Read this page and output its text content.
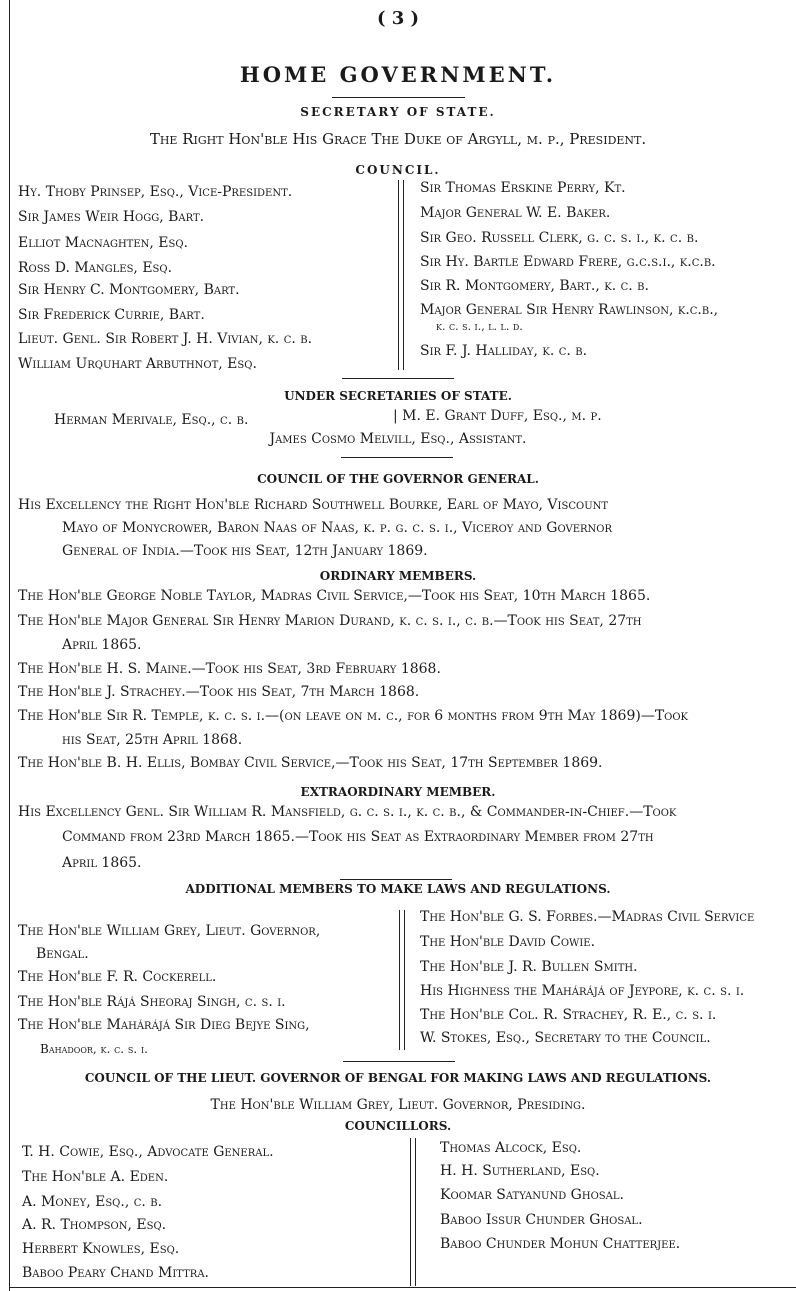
( 3 )
HOME GOVERNMENT.
SECRETARY OF STATE.
The Right Hon'ble His Grace The Duke of Argyll, m. p., President.
COUNCIL.
Hy. Thoby Prinsep, Esq., Vice-President.
Sir James Weir Hogg, Bart.
Elliot Macnaghten, Esq.
Ross D. Mangles, Esq.
Sir Henry C. Montgomery, Bart.
Sir Frederick Currie, Bart.
Lieut. Genl. Sir Robert J. H. Vivian, k. c. b.
William Urquhart Arbuthnot, Esq.
Sir Thomas Erskine Perry, Kt.
Major General W. E. Baker.
Sir Geo. Russell Clerk, g. c. s. i., k. c. b.
Sir Hy. Bartle Edward Frere, g.c.s.i., k.c.b.
Sir R. Montgomery, Bart., k. c. b.
Major General Sir Henry Rawlinson, k.c.b.,
k. c. s. i., l. l. d.
Sir F. J. Halliday, k. c. b.
UNDER SECRETARIES OF STATE.
Herman Merivale, Esq., c. b.	| M. E. Grant Duff, Esq., m. p.
James Cosmo Melvill, Esq., Assistant.
COUNCIL OF THE GOVERNOR GENERAL.
His Excellency the Right Hon'ble Richard Southwell Bourke, Earl of Mayo, Viscount
Mayo of Monycrower, Baron Naas of Naas, k. p. g. c. s. i., Viceroy and Governor
General of India.—Took his Seat, 12th January 1869.
ORDINARY MEMBERS.
The Hon'ble George Noble Taylor, Madras Civil Service,—Took his Seat, 10th March 1865.
The Hon'ble Major General Sir Henry Marion Durand, k. c. s. i., c. b.—Took his Seat, 27th
April 1865.
The Hon'ble H. S. Maine.—Took his Seat, 3rd February 1868.
The Hon'ble J. Strachey.—Took his Seat, 7th March 1868.
The Hon'ble Sir R. Temple, k. c. s. i.—(on leave on m. c., for 6 months from 9th May 1869)—Took
his Seat, 25th April 1868.
The Hon'ble B. H. Ellis, Bombay Civil Service,—Took his Seat, 17th September 1869.
EXTRAORDINARY MEMBER.
His Excellency Genl. Sir William R. Mansfield, g. c. s. i., k. c. b., & Commander-in-Chief.—Took
Command from 23rd March 1865.—Took his Seat as Extraordinary Member from 27th
April 1865.
ADDITIONAL MEMBERS TO MAKE LAWS AND REGULATIONS.
The Hon'ble William Grey, Lieut. Governor,
Bengal.
The Hon'ble F. R. Cockerell.
The Hon'ble Rájá Sheoraj Singh, c. s. i.
The Hon'ble Mahárájá Sir Dieg Bejye Sing,
Bahadoor, k. c. s. i.
The Hon'ble G. S. Forbes.—Madras Civil Service
The Hon'ble David Cowie.
The Hon'ble J. R. Bullen Smith.
His Highness the Mahárájá of Jeypore, k. c. s. i.
The Hon'ble Col. R. Strachey, R. E., c. s. i.
W. Stokes, Esq., Secretary to the Council.
COUNCIL OF THE LIEUT. GOVERNOR OF BENGAL FOR MAKING LAWS AND REGULATIONS.
The Hon'ble William Grey, Lieut. Governor, Presiding.
COUNCILLORS.
T. H. Cowie, Esq., Advocate General.
The Hon'ble A. Eden.
A. Money, Esq., c. b.
A. R. Thompson, Esq.
Herbert Knowles, Esq.
Baboo Peary Chand Mittra.
Thomas Alcock, Esq.
H. H. Sutherland, Esq.
Koomar Satyanund Ghosal.
Baboo Issur Chunder Ghosal.
Baboo Chunder Mohun Chatterjee.
